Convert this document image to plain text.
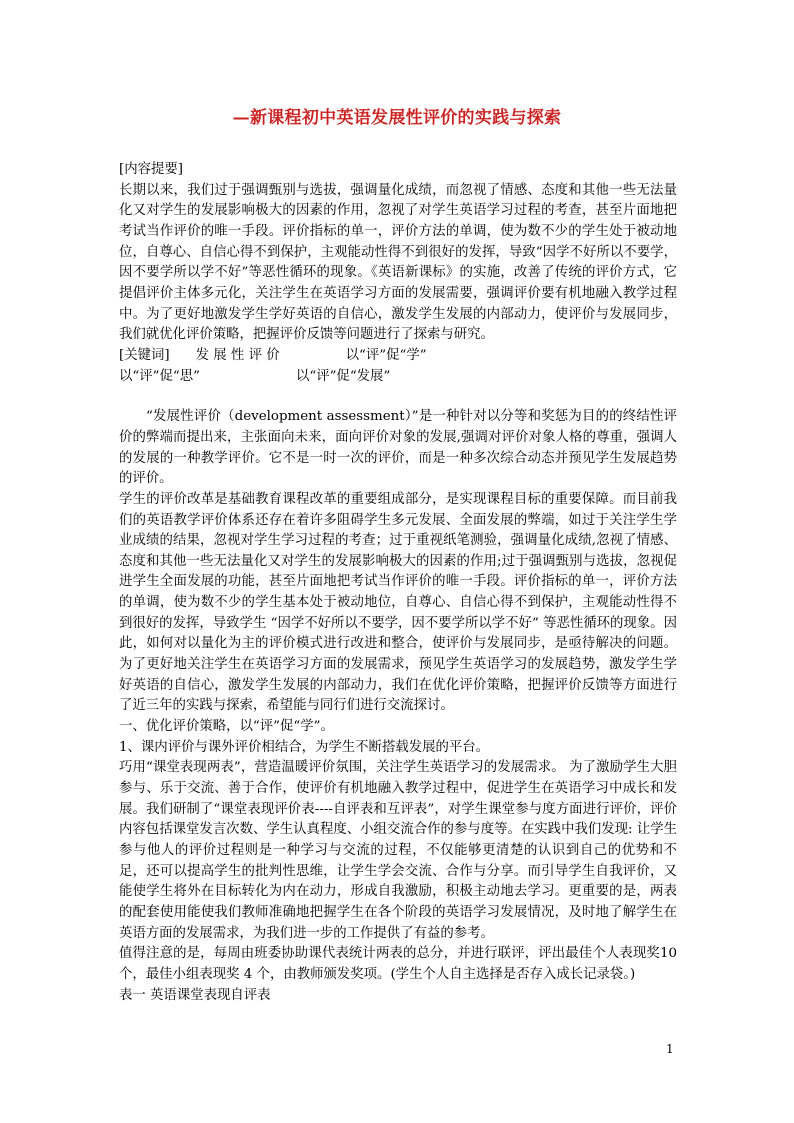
—新课程初中英语发展性评价的实践与探索

[内容提要]

长期以来，我们过于强调甄别与选拔，强调量化成绩，而忽视了情感、态度和其他一些无法量化又对学生的发展影响极大的因素的作用，忽视了对学生英语学习过程的考查，甚至片面地把考试当作评价的唯一手段。评价指标的单一，评价方法的单调，使为数不少的学生处于被动地位，自尊心、自信心得不到保护，主观能动性得不到很好的发挥，导致“因学不好所以不要学，因不要学所以学不好”等恶性循环的现象。《英语新课标》的实施，改善了传统的评价方式，它提倡评价主体多元化，关注学生在英语学习方面的发展需要，强调评价要有机地融入教学过程中。为了更好地激发学生学好英语的自信心，激发学生发展的内部动力，使评价与发展同步，我们就优化评价策略，把握评价反馈等问题进行了探索与研究。

[关键词] 发 展 性 评 价	以“评”促“学”

以“评”促“思”	以“评”促“发展”

“发展性评价（development assessment）”是一种针对以分等和奖惩为目的的终结性评价的弊端而提出来，主张面向未来，面向评价对象的发展,强调对评价对象人格的尊重，强调人的发展的一种教学评价。它不是一时一次的评价，而是一种多次综合动态并预见学生发展趋势的评价。

学生的评价改革是基础教育课程改革的重要组成部分，是实现课程目标的重要保障。而目前我们的英语教学评价体系还存在着许多阻碍学生多元发展、全面发展的弊端，如过于关注学生学业成绩的结果，忽视对学生学习过程的考查；过于重视纸笔测验，强调量化成绩,忽视了情感、态度和其他一些无法量化又对学生的发展影响极大的因素的作用;过于强调甄别与选拔，忽视促进学生全面发展的功能，甚至片面地把考试当作评价的唯一手段。评价指标的单一，评价方法的单调，使为数不少的学生基本处于被动地位，自尊心、自信心得不到保护，主观能动性得不到很好的发挥，导致学生 “因学不好所以不要学，因不要学所以学不好” 等恶性循环的现象。因此，如何对以量化为主的评价模式进行改进和整合，使评价与发展同步，是亟待解决的问题。为了更好地关注学生在英语学习方面的发展需求，预见学生英语学习的发展趋势，激发学生学好英语的自信心，激发学生发展的内部动力，我们在优化评价策略，把握评价反馈等方面进行了近三年的实践与探索，希望能与同行们进行交流探讨。

一、优化评价策略，以“评”促“学”。

1、课内评价与课外评价相结合，为学生不断搭载发展的平台。

巧用“课堂表现两表”，营造温暖评价氛围，关注学生英语学习的发展需求。 为了激励学生大胆参与、乐于交流、善于合作，使评价有机地融入教学过程中，促进学生在英语学习中成长和发展。我们研制了“课堂表现评价表----自评表和互评表”，对学生课堂参与度方面进行评价，评价内容包括课堂发言次数、学生认真程度、小组交流合作的参与度等。在实践中我们发现: 让学生参与他人的评价过程则是一种学习与交流的过程，不仅能够更清楚的认识到自己的优势和不足，还可以提高学生的批判性思维，让学生学会交流、合作与分享。而引导学生自我评价，又能使学生将外在目标转化为内在动力，形成自我激励，积极主动地去学习。更重要的是，两表的配套使用能使我们教师准确地把握学生在各个阶段的英语学习发展情况，及时地了解学生在英语方面的发展需求，为我们进一步的工作提供了有益的参考。

值得注意的是，每周由班委协助课代表统计两表的总分，并进行联评，评出最佳个人表现奖10个，最佳小组表现奖 4 个，由教师颁发奖项。(学生个人自主选择是否存入成长记录袋。)

表一 英语课堂表现自评表

1
